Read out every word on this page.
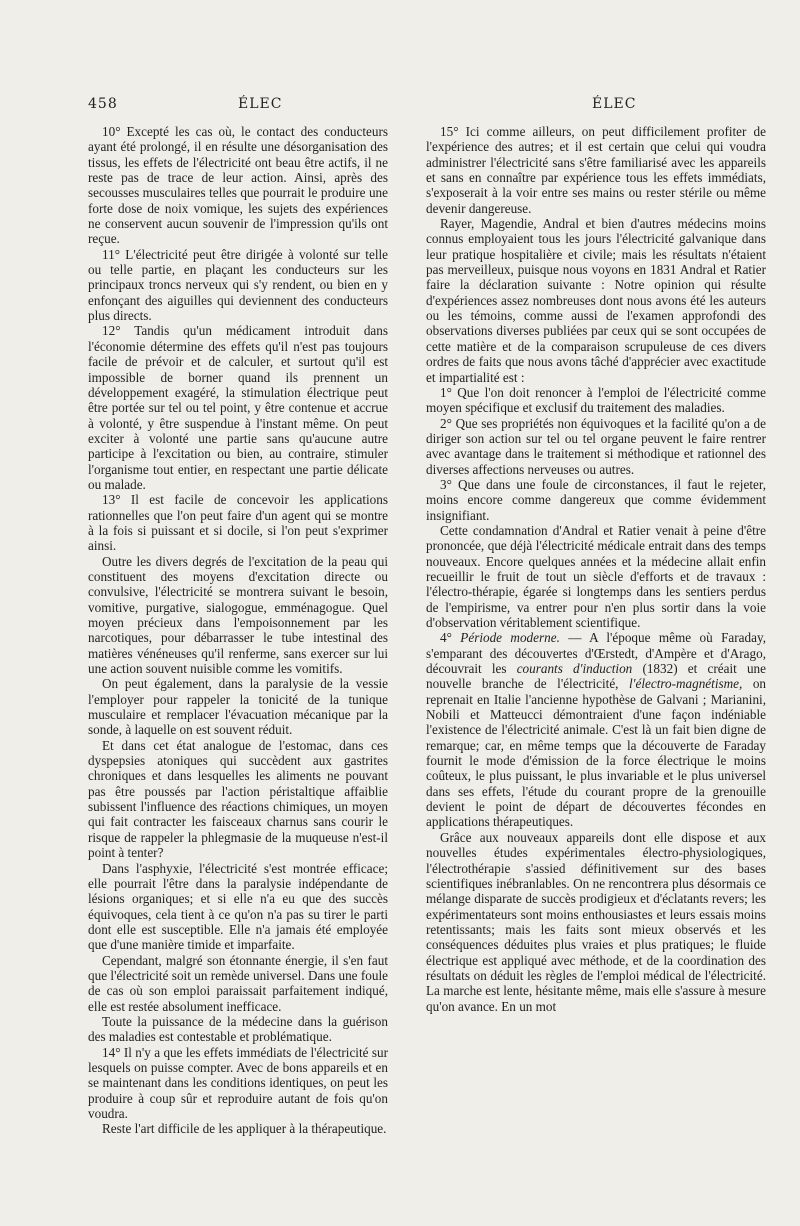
458	ÉLEC	ÉLEC

10° Excepté les cas où, le contact des conducteurs ayant été prolongé, il en résulte une désorganisation des tissus, les effets de l'électricité ont beau être actifs, il ne reste pas de trace de leur action. Ainsi, après des secousses musculaires telles que pourrait le produire une forte dose de noix vomique, les sujets des expériences ne conservent aucun souvenir de l'impression qu'ils ont reçue.

11° L'électricité peut être dirigée à volonté sur telle ou telle partie, en plaçant les conducteurs sur les principaux troncs nerveux qui s'y rendent, ou bien en y enfonçant des aiguilles qui deviennent des conducteurs plus directs.

12° Tandis qu'un médicament introduit dans l'économie détermine des effets qu'il n'est pas toujours facile de prévoir et de calculer, et surtout qu'il est impossible de borner quand ils prennent un développement exagéré, la stimulation électrique peut être portée sur tel ou tel point, y être contenue et accrue à volonté, y être suspendue à l'instant même. On peut exciter à volonté une partie sans qu'aucune autre participe à l'excitation ou bien, au contraire, stimuler l'organisme tout entier, en respectant une partie délicate ou malade.

13° Il est facile de concevoir les applications rationnelles que l'on peut faire d'un agent qui se montre à la fois si puissant et si docile, si l'on peut s'exprimer ainsi.

Outre les divers degrés de l'excitation de la peau qui constituent des moyens d'excitation directe ou convulsive, l'électricité se montrera suivant le besoin, vomitive, purgative, sialogogue, emménagogue. Quel moyen précieux dans l'empoisonnement par les narcotiques, pour débarrasser le tube intestinal des matières vénéneuses qu'il renferme, sans exercer sur lui une action souvent nuisible comme les vomitifs.

On peut également, dans la paralysie de la vessie l'employer pour rappeler la tonicité de la tunique musculaire et remplacer l'évacuation mécanique par la sonde, à laquelle on est souvent réduit.

Et dans cet état analogue de l'estomac, dans ces dyspepsies atoniques qui succèdent aux gastrites chroniques et dans lesquelles les aliments ne pouvant pas être poussés par l'action péristaltique affaiblie subissent l'influence des réactions chimiques, un moyen qui fait contracter les faisceaux charnus sans courir le risque de rappeler la phlegmasie de la muqueuse n'est-il point à tenter?

Dans l'asphyxie, l'électricité s'est montrée efficace; elle pourrait l'être dans la paralysie indépendante de lésions organiques; et si elle n'a eu que des succès équivoques, cela tient à ce qu'on n'a pas su tirer le parti dont elle est susceptible. Elle n'a jamais été employée que d'une manière timide et imparfaite.

Cependant, malgré son étonnante énergie, il s'en faut que l'électricité soit un remède universel. Dans une foule de cas où son emploi paraissait parfaitement indiqué, elle est restée absolument inefficace.

Toute la puissance de la médecine dans la guérison des maladies est contestable et problématique.

14° Il n'y a que les effets immédiats de l'électricité sur lesquels on puisse compter. Avec de bons appareils et en se maintenant dans les conditions identiques, on peut les produire à coup sûr et reproduire autant de fois qu'on voudra.

Reste l'art difficile de les appliquer à la thérapeutique.

15° Ici comme ailleurs, on peut difficilement profiter de l'expérience des autres; et il est certain que celui qui voudra administrer l'électricité sans s'être familiarisé avec les appareils et sans en connaître par expérience tous les effets immédiats, s'exposerait à la voir entre ses mains ou rester stérile ou même devenir dangereuse.

Rayer, Magendie, Andral et bien d'autres médecins moins connus employaient tous les jours l'électricité galvanique dans leur pratique hospitalière et civile; mais les résultats n'étaient pas merveilleux, puisque nous voyons en 1831 Andral et Ratier faire la déclaration suivante : Notre opinion qui résulte d'expériences assez nombreuses dont nous avons été les auteurs ou les témoins, comme aussi de l'examen approfondi des observations diverses publiées par ceux qui se sont occupées de cette matière et de la comparaison scrupuleuse de ces divers ordres de faits que nous avons tâché d'apprécier avec exactitude et impartialité est :

1° Que l'on doit renoncer à l'emploi de l'électricité comme moyen spécifique et exclusif du traitement des maladies.

2° Que ses propriétés non équivoques et la facilité qu'on a de diriger son action sur tel ou tel organe peuvent le faire rentrer avec avantage dans le traitement si méthodique et rationnel des diverses affections nerveuses ou autres.

3° Que dans une foule de circonstances, il faut le rejeter, moins encore comme dangereux que comme évidemment insignifiant.

Cette condamnation d'Andral et Ratier venait à peine d'être prononcée, que déjà l'électricité médicale entrait dans des temps nouveaux. Encore quelques années et la médecine allait enfin recueillir le fruit de tout un siècle d'efforts et de travaux : l'électro-thérapie, égarée si longtemps dans les sentiers perdus de l'empirisme, va entrer pour n'en plus sortir dans la voie d'observation véritablement scientifique.

4° Période moderne. — A l'époque même où Faraday, s'emparant des découvertes d'Œrstedt, d'Ampère et d'Arago, découvrait les courants d'induction (1832) et créait une nouvelle branche de l'électricité, l'électro-magnétisme, on reprenait en Italie l'ancienne hypothèse de Galvani ; Marianini, Nobili et Matteucci démontraient d'une façon indéniable l'existence de l'électricité animale. C'est là un fait bien digne de remarque; car, en même temps que la découverte de Faraday fournit le mode d'émission de la force électrique le moins coûteux, le plus puissant, le plus invariable et le plus universel dans ses effets, l'étude du courant propre de la grenouille devient le point de départ de découvertes fécondes en applications thérapeutiques.

Grâce aux nouveaux appareils dont elle dispose et aux nouvelles études expérimentales électro-physiologiques, l'électrothérapie s'assied définitivement sur des bases scientifiques inébranlables. On ne rencontrera plus désormais ce mélange disparate de succès prodigieux et d'éclatants revers; les expérimentateurs sont moins enthousiastes et leurs essais moins retentissants; mais les faits sont mieux observés et les conséquences déduites plus vraies et plus pratiques; le fluide électrique est appliqué avec méthode, et de la coordination des résultats on déduit les règles de l'emploi médical de l'électricité. La marche est lente, hésitante même, mais elle s'assure à mesure qu'on avance. En un mot
